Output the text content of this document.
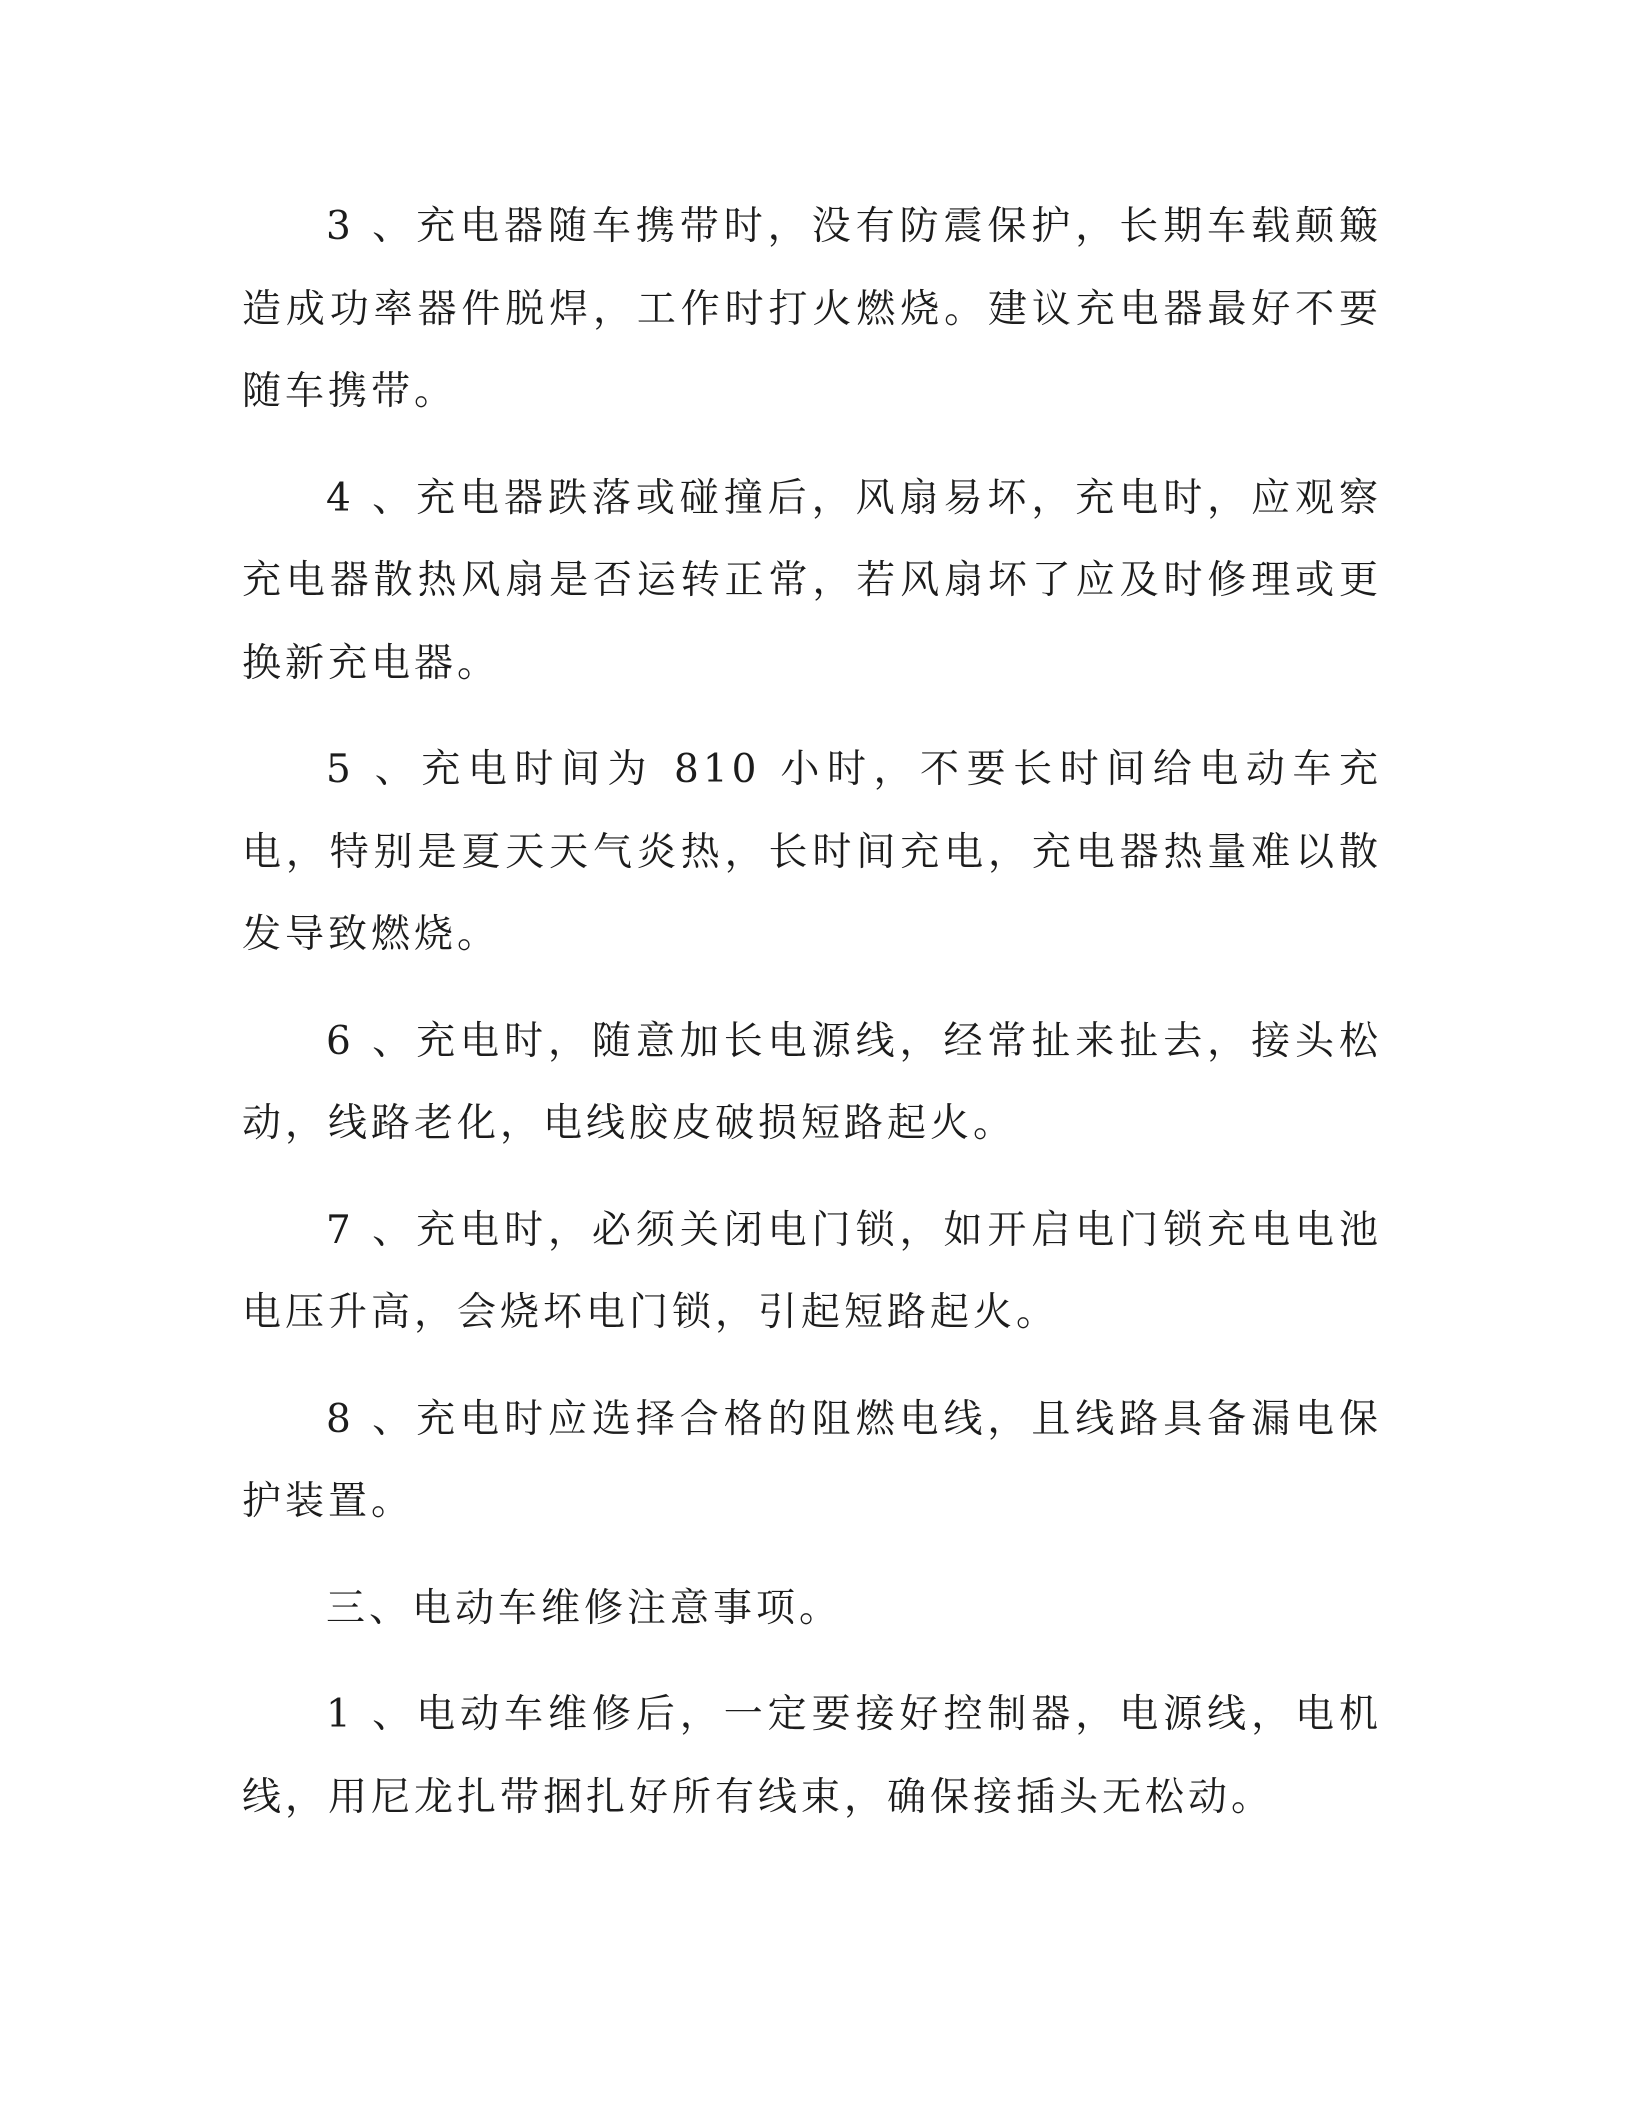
3 、充电器随车携带时，没有防震保护，长期车载颠簸造成功率器件脱焊，工作时打火燃烧。建议充电器最好不要随车携带。

4 、充电器跌落或碰撞后，风扇易坏，充电时，应观察充电器散热风扇是否运转正常，若风扇坏了应及时修理或更换新充电器。

5 、充电时间为 810 小时，不要长时间给电动车充电，特别是夏天天气炎热，长时间充电，充电器热量难以散发导致燃烧。

6 、充电时，随意加长电源线，经常扯来扯去，接头松动，线路老化，电线胶皮破损短路起火。

7 、充电时，必须关闭电门锁，如开启电门锁充电电池电压升高，会烧坏电门锁，引起短路起火。

8 、充电时应选择合格的阻燃电线，且线路具备漏电保护装置。

三、电动车维修注意事项。

1 、电动车维修后，一定要接好控制器，电源线，电机线，用尼龙扎带捆扎好所有线束，确保接插头无松动。
